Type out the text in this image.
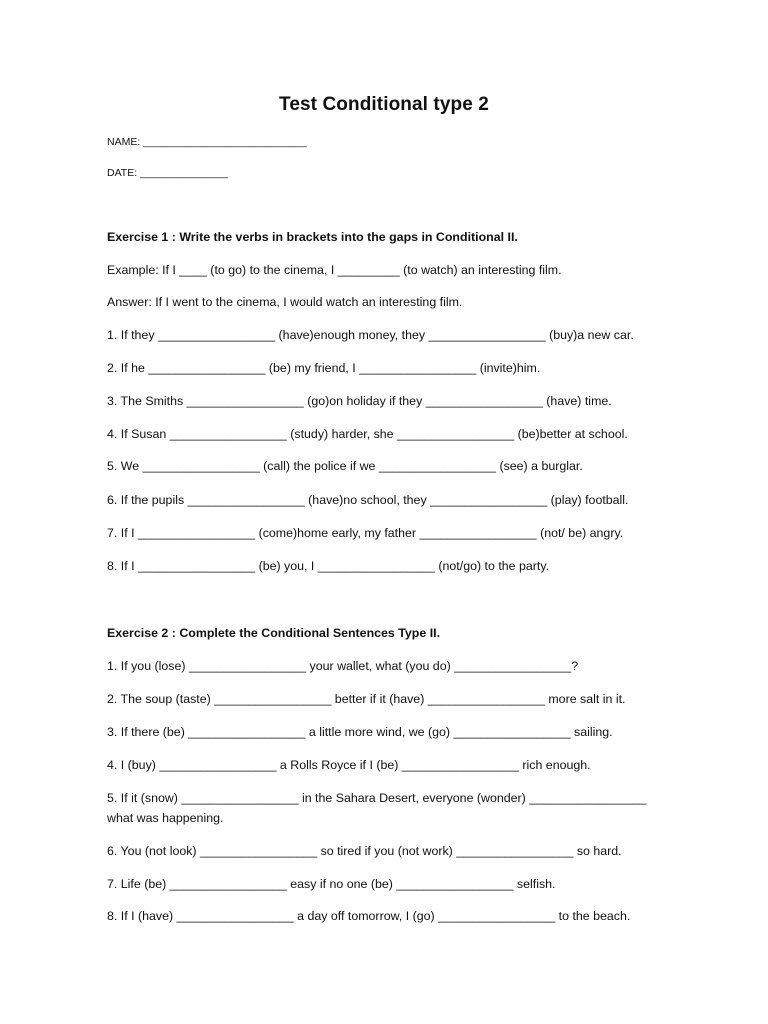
Test Conditional type 2
NAME: ____________________________
DATE: _______________
Exercise 1 : Write the verbs in brackets into the gaps in Conditional II.
Example: If I ____ (to go) to the cinema, I _________ (to watch) an interesting film.
Answer: If I went to the cinema, I would watch an interesting film.
1. If they _________________ (have)enough money, they _________________ (buy)a new car.
2. If he _________________ (be) my friend, I _________________ (invite)him.
3. The Smiths _________________ (go)on holiday if they _________________ (have) time.
4. If Susan _________________ (study) harder, she _________________ (be)better at school.
5. We _________________ (call) the police if we _________________ (see) a burglar.
6. If the pupils _________________ (have)no school, they _________________ (play) football.
7. If I _________________ (come)home early, my father _________________ (not/ be) angry.
8. If I _________________ (be) you, I _________________ (not/go) to the party.
Exercise 2 : Complete the Conditional Sentences Type II.
1. If you (lose) _________________ your wallet, what (you do) _________________?
2. The soup (taste) _________________ better if it (have) _________________ more salt in it.
3. If there (be) _________________ a little more wind, we (go) _________________ sailing.
4. I (buy) _________________ a Rolls Royce if I (be) _________________ rich enough.
5. If it (snow) _________________ in the Sahara Desert, everyone (wonder) _________________
what was happening.
6. You (not look) _________________ so tired if you (not work) _________________ so hard.
7. Life (be) _________________ easy if no one (be) _________________ selfish.
8. If I (have) _________________ a day off tomorrow, I (go) _________________ to the beach.
